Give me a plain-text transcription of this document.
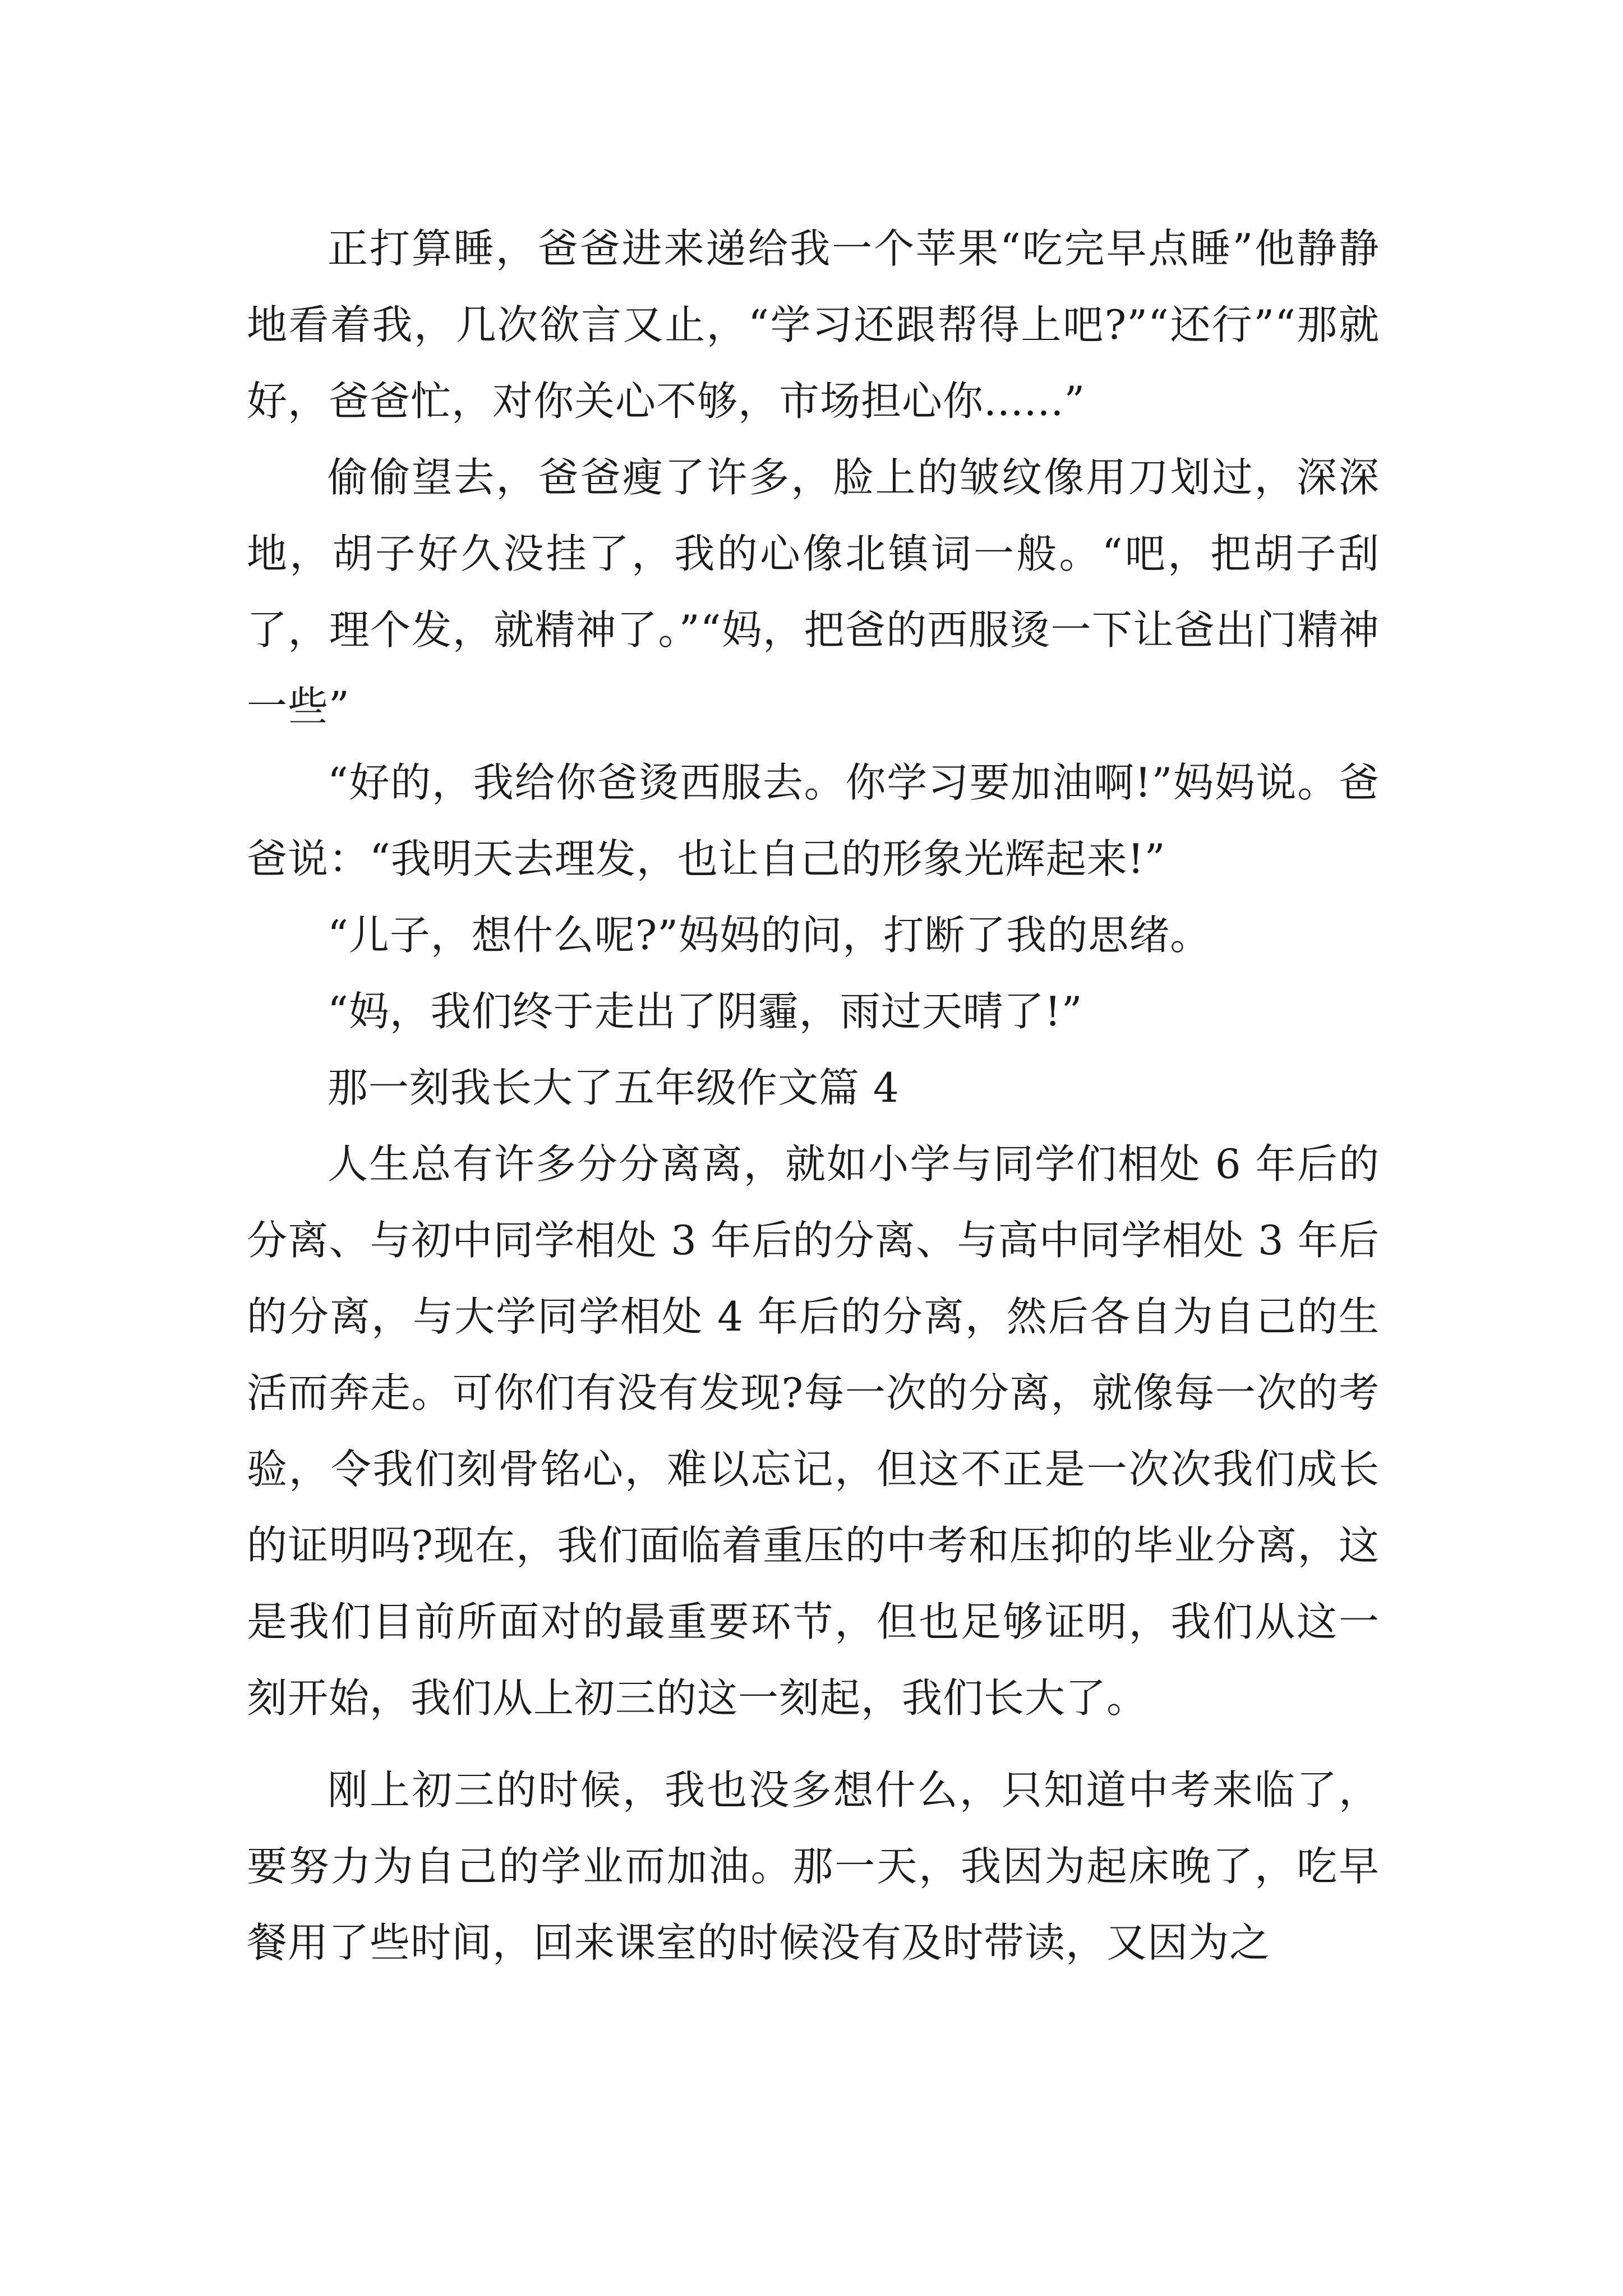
正打算睡，爸爸进来递给我一个苹果“吃完早点睡”他静静地看着我，几次欲言又止，“学习还跟帮得上吧?”“还行”“那就好，爸爸忙，对你关心不够，市场担心你......”

偷偷望去，爸爸瘦了许多，脸上的皱纹像用刀划过，深深地，胡子好久没挂了，我的心像北镇词一般。“吧，把胡子刮了，理个发，就精神了。”“妈，把爸的西服烫一下让爸出门精神一些”

“好的，我给你爸烫西服去。你学习要加油啊!”妈妈说。爸爸说：“我明天去理发，也让自己的形象光辉起来!”

“儿子，想什么呢?”妈妈的问，打断了我的思绪。

“妈，我们终于走出了阴霾，雨过天晴了!”

那一刻我长大了五年级作文篇 4

人生总有许多分分离离，就如小学与同学们相处 6 年后的分离、与初中同学相处 3 年后的分离、与高中同学相处 3 年后的分离，与大学同学相处 4 年后的分离，然后各自为自己的生活而奔走。可你们有没有发现?每一次的分离，就像每一次的考验，令我们刻骨铭心，难以忘记，但这不正是一次次我们成长的证明吗?现在，我们面临着重压的中考和压抑的毕业分离，这是我们目前所面对的最重要环节，但也足够证明，我们从这一刻开始，我们从上初三的这一刻起，我们长大了。

刚上初三的时候，我也没多想什么，只知道中考来临了，要努力为自己的学业而加油。那一天，我因为起床晚了，吃早餐用了些时间，回来课室的时候没有及时带读，又因为之
